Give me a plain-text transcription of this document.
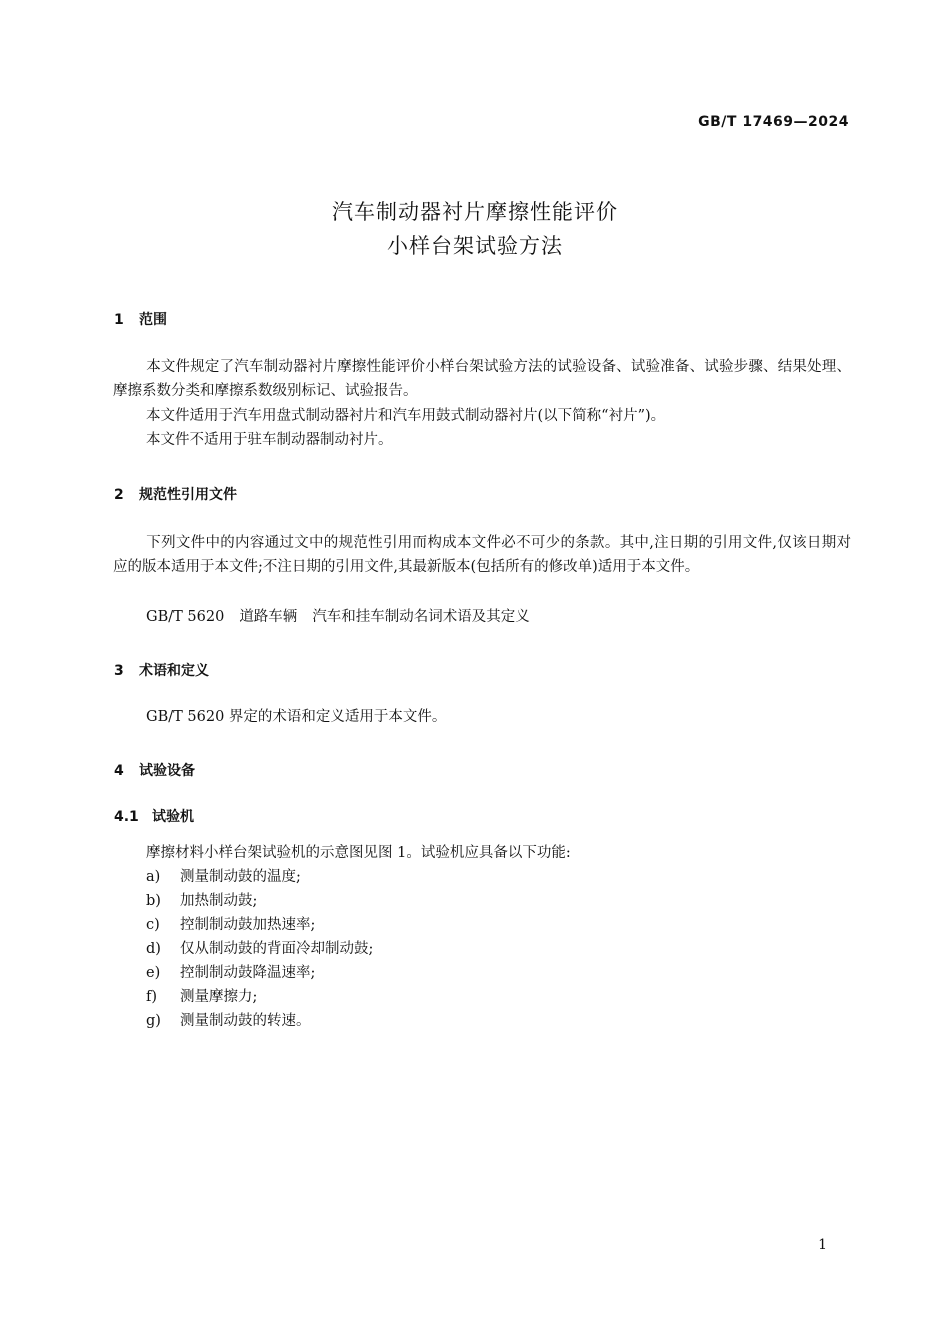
GB/T 17469—2024
汽车制动器衬片摩擦性能评价
小样台架试验方法
1 范围
本文件规定了汽车制动器衬片摩擦性能评价小样台架试验方法的试验设备、试验准备、试验步骤、结果处理、摩擦系数分类和摩擦系数级别标记、试验报告。
本文件适用于汽车用盘式制动器衬片和汽车用鼓式制动器衬片(以下简称“衬片”)。
本文件不适用于驻车制动器制动衬片。
2 规范性引用文件
下列文件中的内容通过文中的规范性引用而构成本文件必不可少的条款。其中,注日期的引用文件,仅该日期对应的版本适用于本文件;不注日期的引用文件,其最新版本(包括所有的修改单)适用于本文件。
GB/T 5620 道路车辆 汽车和挂车制动名词术语及其定义
3 术语和定义
GB/T 5620 界定的术语和定义适用于本文件。
4 试验设备
4.1 试验机
摩擦材料小样台架试验机的示意图见图 1。试验机应具备以下功能:
a) 测量制动鼓的温度;
b) 加热制动鼓;
c) 控制制动鼓加热速率;
d) 仅从制动鼓的背面冷却制动鼓;
e) 控制制动鼓降温速率;
f) 测量摩擦力;
g) 测量制动鼓的转速。
1
